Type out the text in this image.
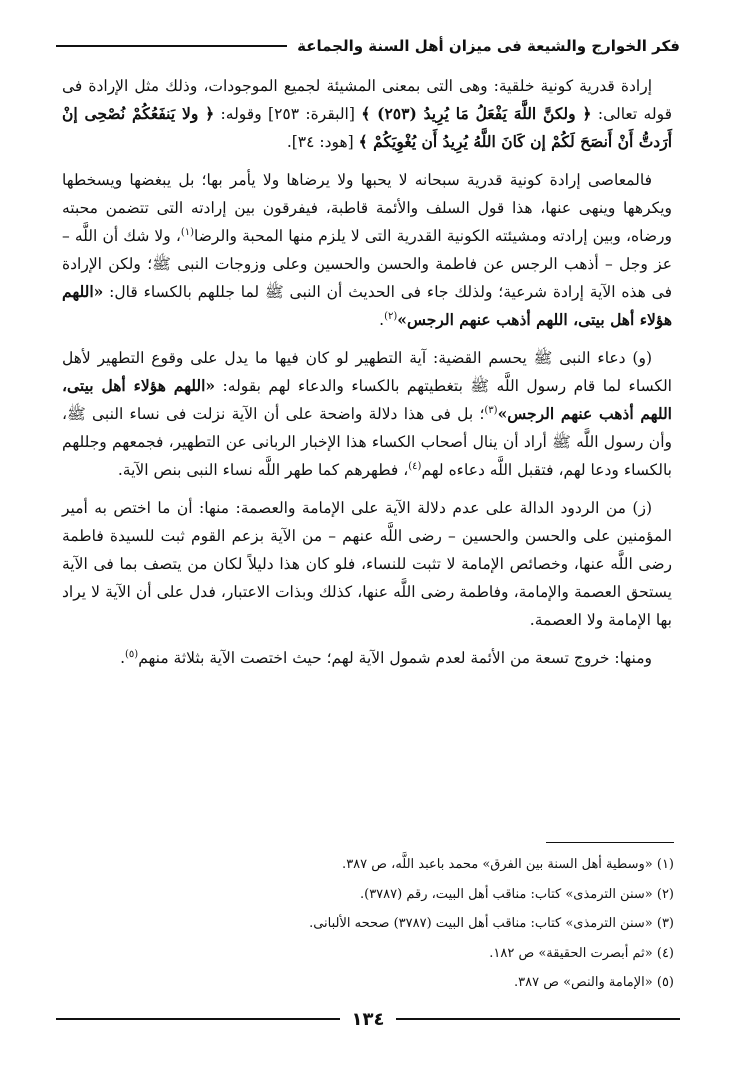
فكر الخوارج والشيعة فى ميزان أهل السنة والجماعة

إرادة قدرية كونية خلقية: وهى التى بمعنى المشيئة لجميع الموجودات، وذلك مثل الإرادة فى قوله تعالى: ﴿ ولكنَّ اللَّهَ يَفْعَلُ مَا يُرِيدُ (٢٥٣) ﴾ [البقرة: ٢٥٣] وقوله: ﴿ ولا يَنفَعُكُمْ نُصْحِى إنْ أَرَدتُّ أَنْ أَنصَحَ لَكُمْ إن كَانَ اللَّهُ يُرِيدُ أَن يُغْوِيَكُمْ ﴾ [هود: ٣٤].

فالمعاصى إرادة كونية قدرية سبحانه لا يحبها ولا يرضاها ولا يأمر بها؛ بل يبغضها ويسخطها ويكرهها وينهى عنها، هذا قول السلف والأئمة قاطبة، فيفرقون بين إرادته التى تتضمن محبته ورضاه، وبين إرادته ومشيئته الكونية القدرية التى لا يلزم منها المحبة والرضا$^{(١)}$، ولا شك أن اللَّه – عز وجل – أذهب الرجس عن فاطمة والحسن والحسين وعلى وزوجات النبى ﷺ؛ ولكن الإرادة فى هذه الآية إرادة شرعية؛ ولذلك جاء فى الحديث أن النبى ﷺ لما جللهم بالكساء قال: «اللهم هؤلاء أهل بيتى، اللهم أذهب عنهم الرجس»$^{(٢)}$.

(و) دعاء النبى ﷺ يحسم القضية: آية التطهير لو كان فيها ما يدل على وقوع التطهير لأهل الكساء لما قام رسول اللَّه ﷺ بتغطيتهم بالكساء والدعاء لهم بقوله: «اللهم هؤلاء أهل بيتى، اللهم أذهب عنهم الرجس»$^{(٣)}$؛ بل فى هذا دلالة واضحة على أن الآية نزلت فى نساء النبى ﷺ، وأن رسول اللَّه ﷺ أراد أن ينال أصحاب الكساء هذا الإخبار الربانى عن التطهير، فجمعهم وجللهم بالكساء ودعا لهم، فتقبل اللَّه دعاءه لهم$^{(٤)}$، فطهرهم كما طهر اللَّه نساء النبى بنص الآية.

(ز) من الردود الدالة على عدم دلالة الآية على الإمامة والعصمة: منها: أن ما اختص به أمير المؤمنين على والحسن والحسين – رضى اللَّه عنهم – من الآية بزعم القوم ثبت للسيدة فاطمة رضى اللَّه عنها، وخصائص الإمامة لا تثبت للنساء، فلو كان هذا دليلاً لكان من يتصف بما فى الآية يستحق العصمة والإمامة، وفاطمة رضى اللَّه عنها، كذلك وبذات الاعتبار، فدل على أن الآية لا يراد بها الإمامة ولا العصمة.

ومنها: خروج تسعة من الأئمة لعدم شمول الآية لهم؛ حيث اختصت الآية بثلاثة منهم$^{(٥)}$.

(١) «وسطية أهل السنة بين الفرق» محمد باعبد اللَّه، ص ٣٨٧.
(٢) «سنن الترمذى» كتاب: مناقب أهل البيت، رقم (٣٧٨٧).
(٣) «سنن الترمذى» كتاب: مناقب أهل البيت (٣٧٨٧) صححه الألبانى.
(٤) «ثم أبصرت الحقيقة» ص ١٨٢.
(٥) «الإمامة والنص» ص ٣٨٧.
١٣٤
